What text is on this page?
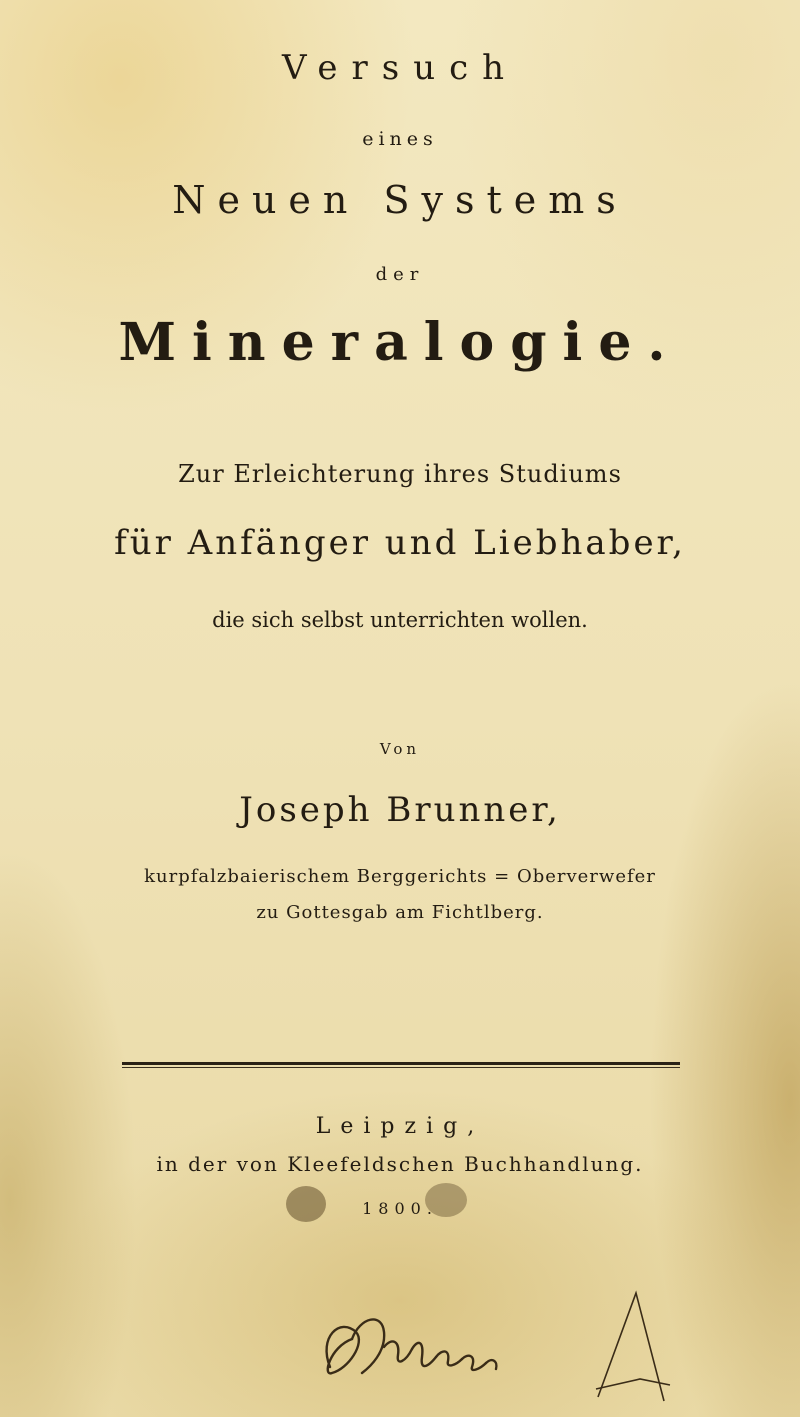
Versuch
eines
Neuen Systems
der
Mineralogie.
Zur Erleichterung ihres Studiums
für Anfänger und Liebhaber,
die sich selbst unterrichten wollen.
Von
Joseph Brunner,
kurpfalzbaierischem Berggerichts = Oberverwefer
zu Gottesgab am Fichtlberg.
Leipzig,
in der von Kleefeldschen Buchhandlung.
1800.
